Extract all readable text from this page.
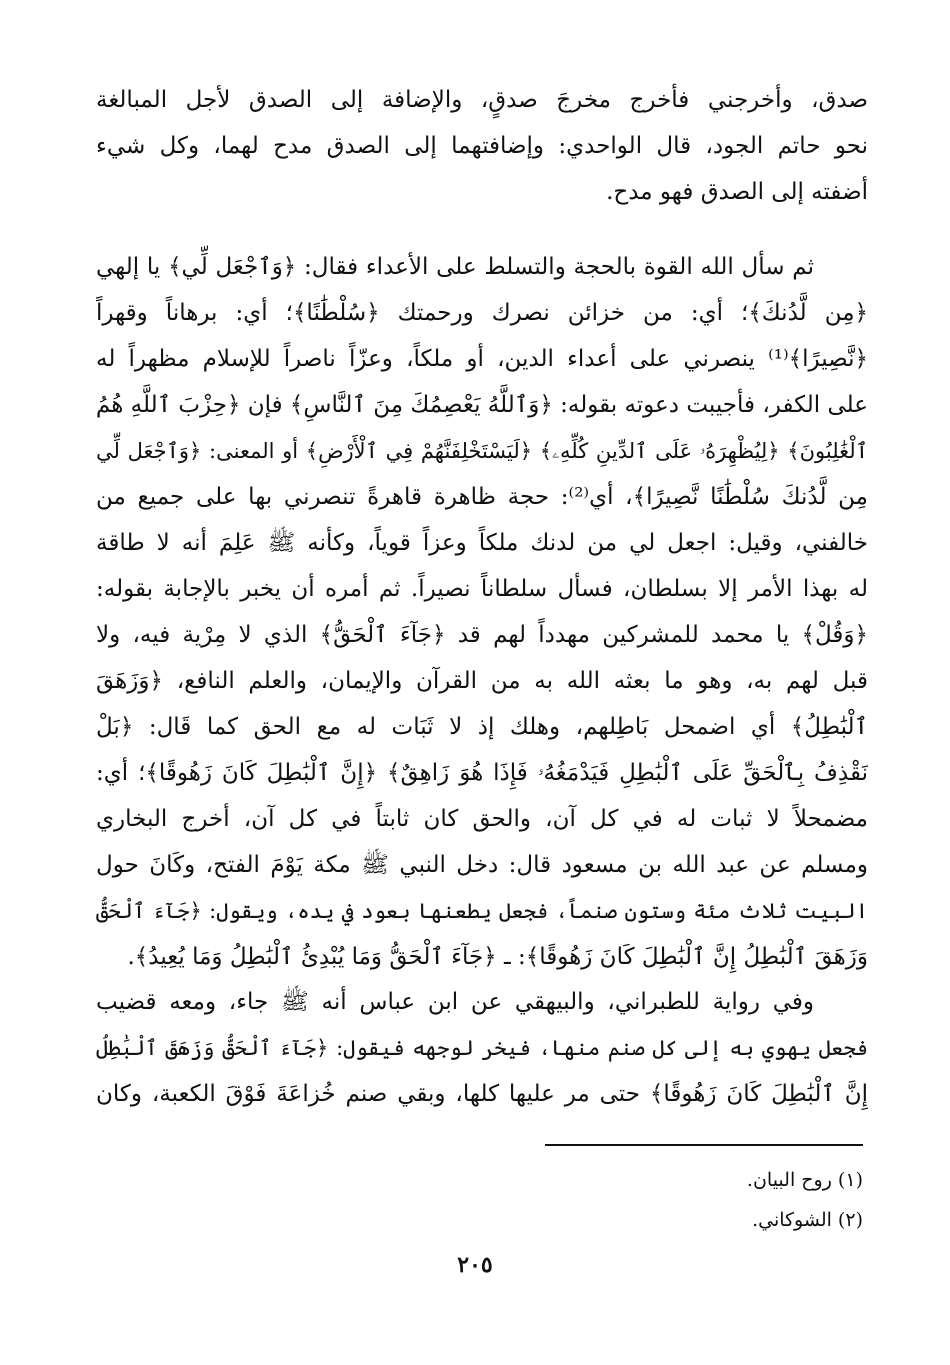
صدق، وأخرجني فأخرج مخرجَ صدقٍ، والإضافة إلى الصدق لأجل المبالغة
نحو حاتم الجود، قال الواحدي: وإضافتهما إلى الصدق مدح لهما، وكل شيء
أضفته إلى الصدق فهو مدح.
ثم سأل الله القوة بالحجة والتسلط على الأعداء فقال: ﴿وَٱجْعَل لِّي﴾ يا إلهي
﴿مِن لَّدُنكَ﴾؛ أي: من خزائن نصرك ورحمتك ﴿سُلْطَٰنًا﴾؛ أي: برهاناً وقهراً
﴿نَّصِيرًا﴾⁽¹⁾ ينصرني على أعداء الدين، أو ملكاً، وعزّاً ناصراً للإسلام مظهراً له
على الكفر، فأجيبت دعوته بقوله: ﴿وَٱللَّهُ يَعْصِمُكَ مِنَ ٱلنَّاسِ﴾ فإن ﴿حِزْبَ ٱللَّهِ هُمُ
ٱلْغَٰلِبُونَ﴾ ﴿لِيُظْهِرَهُۥ عَلَى ٱلدِّينِ كُلِّهِۦ﴾ ﴿لَيَسْتَخْلِفَنَّهُمْ فِي ٱلْأَرْضِ﴾ أو المعنى: ﴿وَٱجْعَل لِّي
مِن لَّدُنكَ سُلْطَٰنًا نَّصِيرًا﴾، أي⁽²⁾: حجة ظاهرة قاهرةً تنصرني بها على جميع من
خالفني، وقيل: اجعل لي من لدنك ملكاً وعزاً قوياً، وكأنه ﷺ عَلِمَ أنه لا طاقة
له بهذا الأمر إلا بسلطان، فسأل سلطاناً نصيراً. ثم أمره أن يخبر بالإجابة بقوله:
﴿وَقُلْ﴾ يا محمد للمشركين مهدداً لهم قد ﴿جَآءَ ٱلْحَقُّ﴾ الذي لا مِرْية فيه، ولا
قبل لهم به، وهو ما بعثه الله به من القرآن والإيمان، والعلم النافع، ﴿وَزَهَقَ
ٱلْبَٰطِلُ﴾ أي اضمحل بَاطِلهم، وهلك إذ لا ثَبَات له مع الحق كما قَال: ﴿بَلْ
نَقْذِفُ بِٱلْحَقِّ عَلَى ٱلْبَٰطِلِ فَيَدْمَغُهُۥ فَإِذَا هُوَ زَاهِقٌ﴾ ﴿إِنَّ ٱلْبَٰطِلَ كَانَ زَهُوقًا﴾؛ أي:
مضمحلاً لا ثبات له في كل آن، والحق كان ثابتاً في كل آن، أخرج البخاري
ومسلم عن عبد الله بن مسعود قال: دخل النبي ﷺ مكة يَوْمَ الفتح، وكَانَ حول
البيت ثلاث مئة وستون صنماً، فجعل يطعنها بعود في يده، ويقول: ﴿جَآءَ ٱلْحَقُّ
وَزَهَقَ ٱلْبَٰطِلُ إِنَّ ٱلْبَٰطِلَ كَانَ زَهُوقًا﴾: ـ ﴿جَآءَ ٱلْحَقُّ وَمَا يُبْدِئُ ٱلْبَٰطِلُ وَمَا يُعِيدُ﴾.
وفي رواية للطبراني، والبيهقي عن ابن عباس أنه ﷺ جاء، ومعه قضيب
فجعل يهوي به إلى كل صنم منها، فيخر لوجهه فيقول: ﴿جَآءَ ٱلْحَقُّ وَزَهَقَ ٱلْبَٰطِلُ
إِنَّ ٱلْبَٰطِلَ كَانَ زَهُوقًا﴾ حتى مر عليها كلها، وبقي صنم خُزاعَةَ فَوْقَ الكعبة، وكان
(١) روح البيان.
(٢) الشوكاني.
٢٠٥
